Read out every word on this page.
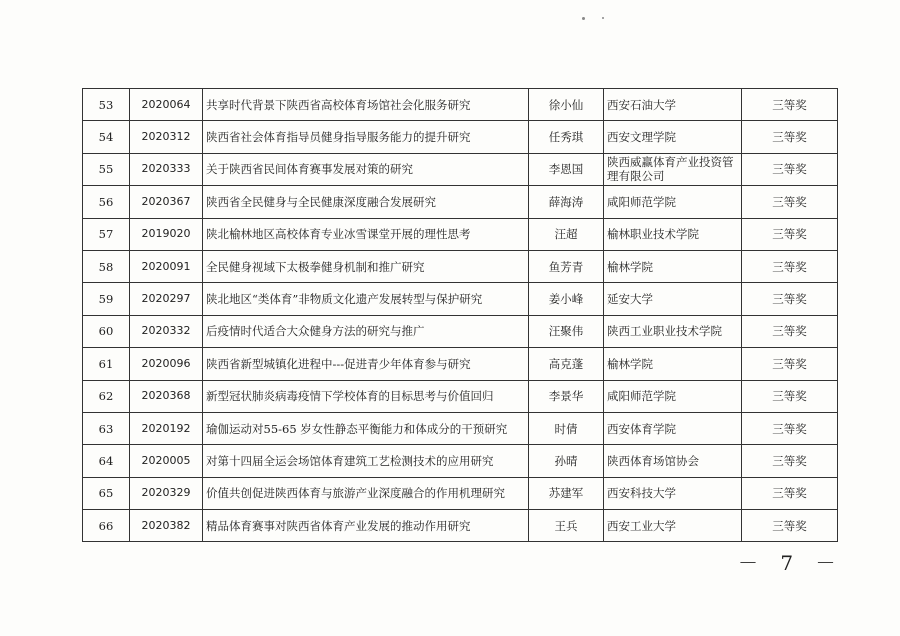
53	2020064	共享时代背景下陕西省高校体育场馆社会化服务研究	徐小仙	西安石油大学	三等奖
54	2020312	陕西省社会体育指导员健身指导服务能力的提升研究	任秀琪	西安文理学院	三等奖
55	2020333	关于陕西省民间体育赛事发展对策的研究	李恩国	陕西威赢体育产业投资管理有限公司	三等奖
56	2020367	陕西省全民健身与全民健康深度融合发展研究	薛海涛	咸阳师范学院	三等奖
57	2019020	陕北榆林地区高校体育专业冰雪课堂开展的理性思考	汪超	榆林职业技术学院	三等奖
58	2020091	全民健身视域下太极拳健身机制和推广研究	鱼芳青	榆林学院	三等奖
59	2020297	陕北地区“类体育”非物质文化遗产发展转型与保护研究	姜小峰	延安大学	三等奖
60	2020332	后疫情时代适合大众健身方法的研究与推广	汪聚伟	陕西工业职业技术学院	三等奖
61	2020096	陕西省新型城镇化进程中---促进青少年体育参与研究	高克蓬	榆林学院	三等奖
62	2020368	新型冠状肺炎病毒疫情下学校体育的目标思考与价值回归	李景华	咸阳师范学院	三等奖
63	2020192	瑜伽运动对55-65 岁女性静态平衡能力和体成分的干预研究	时倩	西安体育学院	三等奖
64	2020005	对第十四届全运会场馆体育建筑工艺检测技术的应用研究	孙晴	陕西体育场馆协会	三等奖
65	2020329	价值共创促进陕西体育与旅游产业深度融合的作用机理研究	苏建军	西安科技大学	三等奖
66	2020382	精品体育赛事对陕西省体育产业发展的推动作用研究	王兵	西安工业大学	三等奖
－ 7 －
